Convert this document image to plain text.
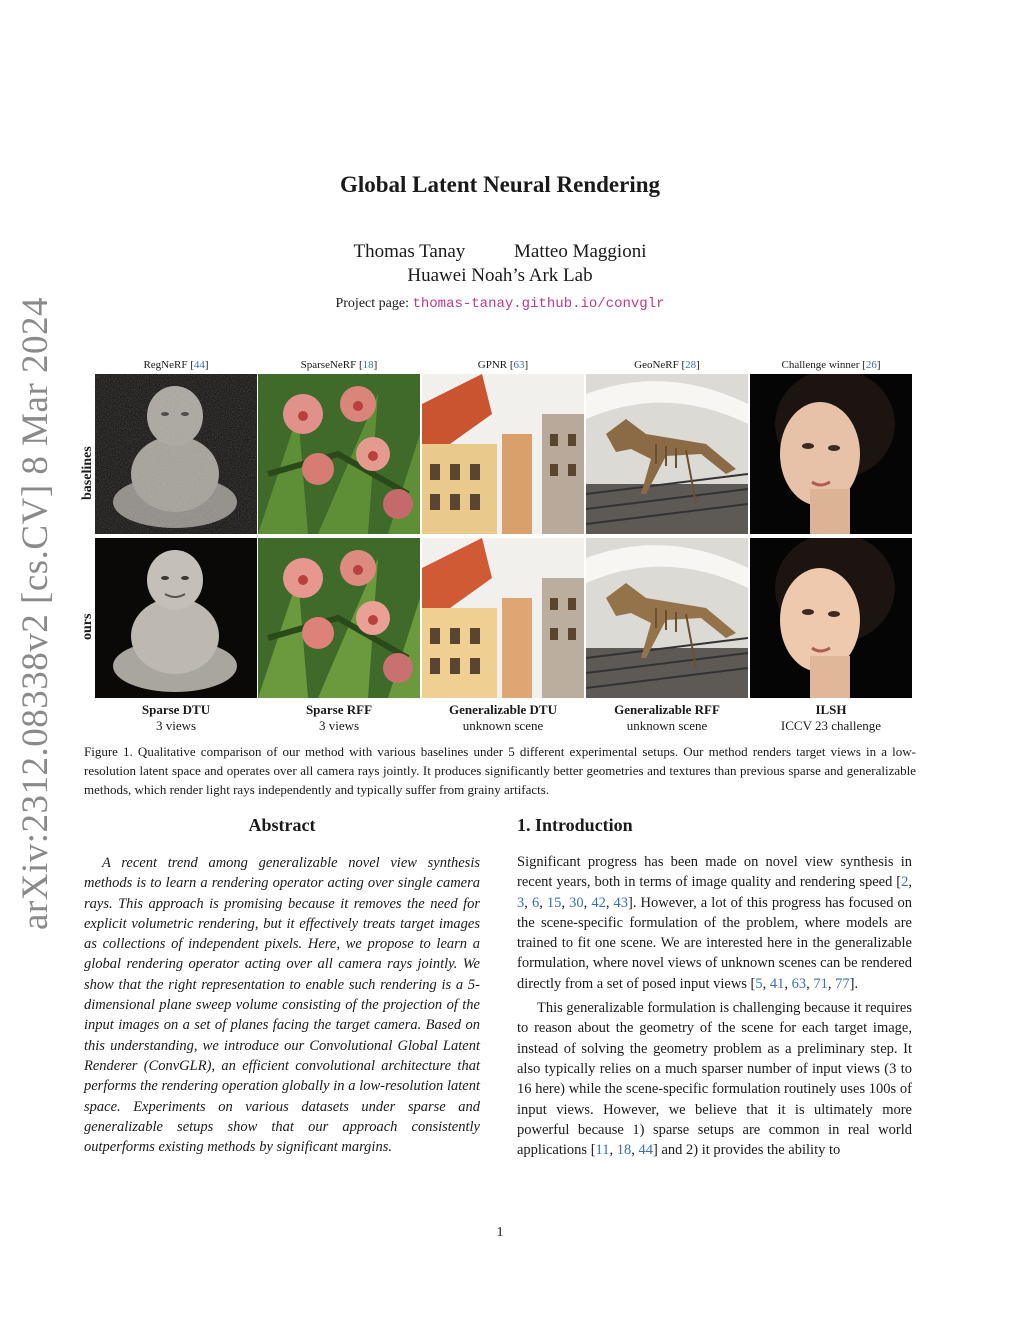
arXiv:2312.08338v2 [cs.CV] 8 Mar 2024
Global Latent Neural Rendering
Thomas Tanay	Matteo Maggioni
Huawei Noah’s Ark Lab
Project page: thomas-tanay.github.io/convglr
RegNeRF [44]	SparseNeRF [18]	GPNR [63]	GeoNeRF [28]	Challenge winner [26]
baselines
ours
Sparse DTU
3 views
Sparse RFF
3 views
Generalizable DTU
unknown scene
Generalizable RFF
unknown scene
ILSH
ICCV 23 challenge
Figure 1. Qualitative comparison of our method with various baselines under 5 different experimental setups. Our method renders target views in a low-resolution latent space and operates over all camera rays jointly. It produces significantly better geometries and textures than previous sparse and generalizable methods, which render light rays independently and typically suffer from grainy artifacts.
Abstract
A recent trend among generalizable novel view synthesis methods is to learn a rendering operator acting over single camera rays. This approach is promising because it removes the need for explicit volumetric rendering, but it effectively treats target images as collections of independent pixels. Here, we propose to learn a global rendering operator acting over all camera rays jointly. We show that the right representation to enable such rendering is a 5-dimensional plane sweep volume consisting of the projection of the input images on a set of planes facing the target camera. Based on this understanding, we introduce our Convolutional Global Latent Renderer (ConvGLR), an efficient convolutional architecture that performs the rendering operation globally in a low-resolution latent space. Experiments on various datasets under sparse and generalizable setups show that our approach consistently outperforms existing methods by significant margins.
1. Introduction

Significant progress has been made on novel view synthesis in recent years, both in terms of image quality and rendering speed [2, 3, 6, 15, 30, 42, 43]. However, a lot of this progress has focused on the scene-specific formulation of the problem, where models are trained to fit one scene. We are interested here in the generalizable formulation, where novel views of unknown scenes can be rendered directly from a set of posed input views [5, 41, 63, 71, 77].

This generalizable formulation is challenging because it requires to reason about the geometry of the scene for each target image, instead of solving the geometry problem as a preliminary step. It also typically relies on a much sparser number of input views (3 to 16 here) while the scene-specific formulation routinely uses 100s of input views. However, we believe that it is ultimately more powerful because 1) sparse setups are common in real world applications [11, 18, 44] and 2) it provides the ability to

1
